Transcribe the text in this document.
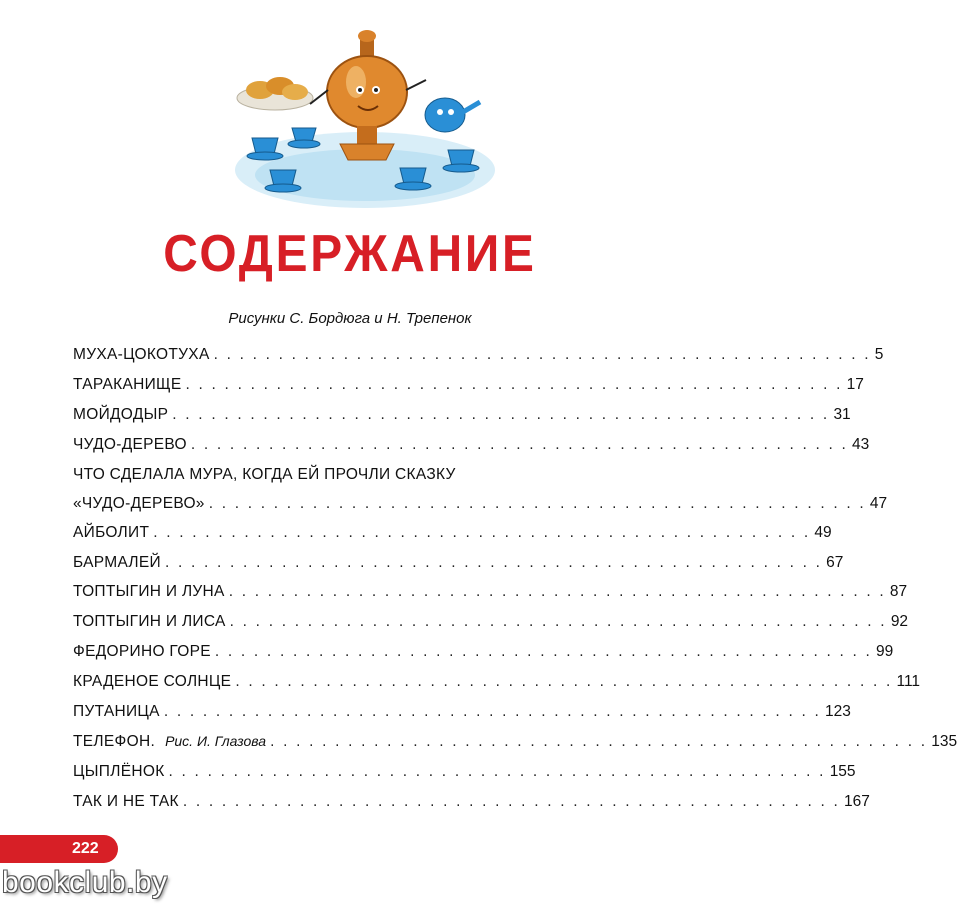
СОДЕРЖАНИЕ
Рисунки С. Бордюга и Н. Трепенок
МУХА-ЦОКОТУХА . . . . . . . . . . . . . . . . . . . . . . . . . . . . . . . . . . . . . . . . . . . . . . . . . . . 5
ТАРАКАНИЩЕ . . . . . . . . . . . . . . . . . . . . . . . . . . . . . . . . . . . . . . . . . . . . . . . . . . . 17
МОЙДОДЫР . . . . . . . . . . . . . . . . . . . . . . . . . . . . . . . . . . . . . . . . . . . . . . . . . . . 31
ЧУДО-ДЕРЕВО . . . . . . . . . . . . . . . . . . . . . . . . . . . . . . . . . . . . . . . . . . . . . . . . . . . 43
ЧТО СДЕЛАЛА МУРА, КОГДА ЕЙ ПРОЧЛИ СКАЗКУ
«ЧУДО-ДЕРЕВО» . . . . . . . . . . . . . . . . . . . . . . . . . . . . . . . . . . . . . . . . . . . . . . . . . . . 47
АЙБОЛИТ . . . . . . . . . . . . . . . . . . . . . . . . . . . . . . . . . . . . . . . . . . . . . . . . . . . 49
БАРМАЛЕЙ . . . . . . . . . . . . . . . . . . . . . . . . . . . . . . . . . . . . . . . . . . . . . . . . . . . 67
ТОПТЫГИН И ЛУНА . . . . . . . . . . . . . . . . . . . . . . . . . . . . . . . . . . . . . . . . . . . . . . . . . . . 87
ТОПТЫГИН И ЛИСА . . . . . . . . . . . . . . . . . . . . . . . . . . . . . . . . . . . . . . . . . . . . . . . . . . . 92
ФЕДОРИНО ГОРЕ . . . . . . . . . . . . . . . . . . . . . . . . . . . . . . . . . . . . . . . . . . . . . . . . . . . 99
КРАДЕНОЕ СОЛНЦЕ . . . . . . . . . . . . . . . . . . . . . . . . . . . . . . . . . . . . . . . . . . . . . . . . . . . 111
ПУТАНИЦА . . . . . . . . . . . . . . . . . . . . . . . . . . . . . . . . . . . . . . . . . . . . . . . . . . . 123
ТЕЛЕФОН. Рис. И. Глазова . . . . . . . . . . . . . . . . . . . . . . . . . . . . . . . . . . . . . . . . . . . . . . . . . . . 135
ЦЫПЛЁНОК . . . . . . . . . . . . . . . . . . . . . . . . . . . . . . . . . . . . . . . . . . . . . . . . . . . 155
ТАК И НЕ ТАК . . . . . . . . . . . . . . . . . . . . . . . . . . . . . . . . . . . . . . . . . . . . . . . . . . . 167
222
bookclub.by
